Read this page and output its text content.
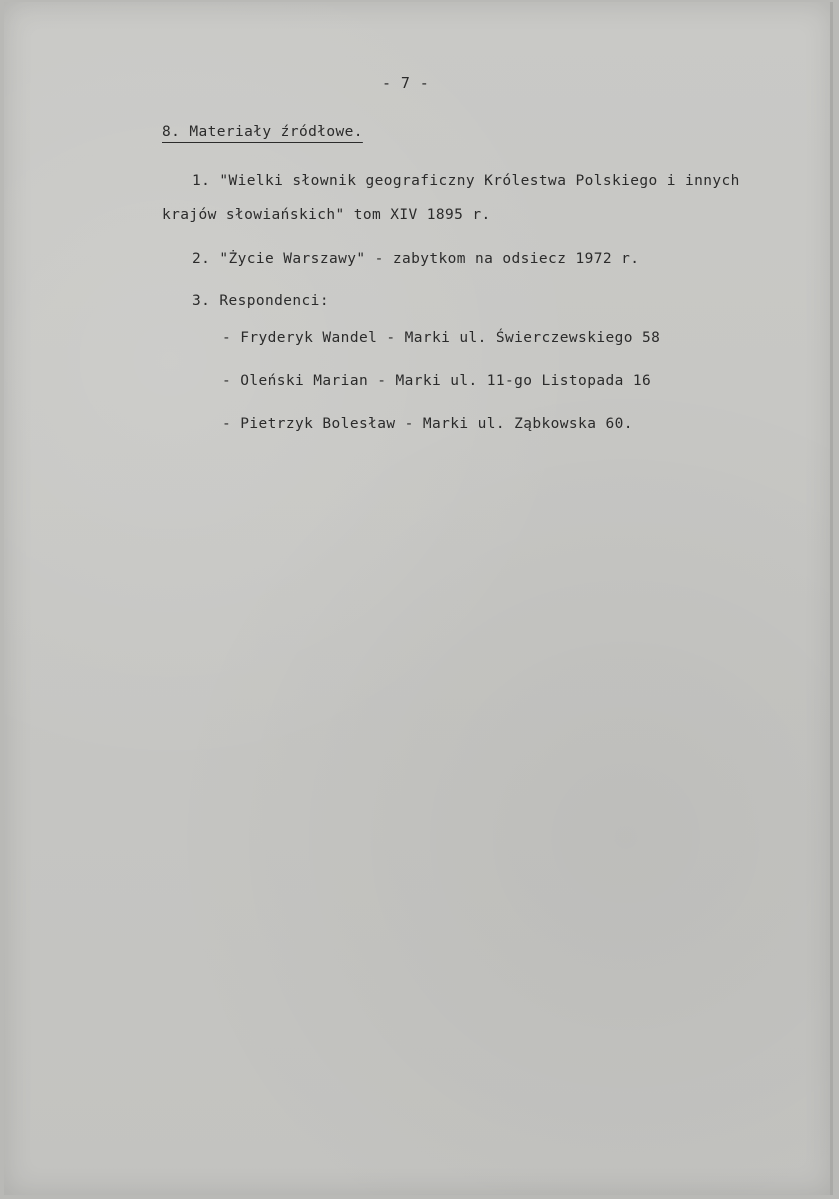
- 7 -
8. Materiały źródłowe.
1. "Wielki słownik geograficzny Królestwa Polskiego i innych
krajów słowiańskich" tom XIV 1895 r.
2. "Życie Warszawy" - zabytkom na odsiecz 1972 r.
3. Respondenci:
- Fryderyk Wandel - Marki ul. Świerczewskiego 58
- Oleński Marian - Marki ul. 11-go Listopada 16
- Pietrzyk Bolesław - Marki ul. Ząbkowska 60.
